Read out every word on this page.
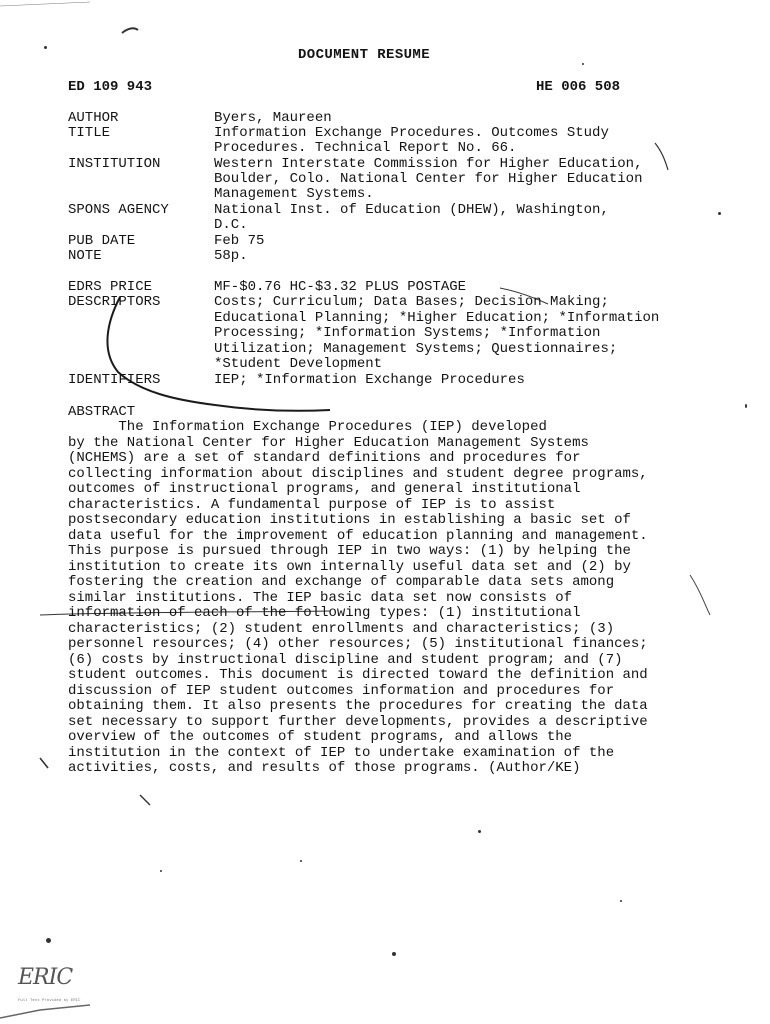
DOCUMENT RESUME
ED 109 943	HE 006 508
AUTHOR	Byers, Maureen
TITLE	Information Exchange Procedures. Outcomes Study
Procedures. Technical Report No. 66.
INSTITUTION	Western Interstate Commission for Higher Education,
Boulder, Colo. National Center for Higher Education
Management Systems.
SPONS AGENCY	National Inst. of Education (DHEW), Washington,
D.C.
PUB DATE	Feb 75
NOTE	58p.
EDRS PRICE	MF-$0.76 HC-$3.32 PLUS POSTAGE
DESCRIPTORS	Costs; Curriculum; Data Bases; Decision Making;
Educational Planning; *Higher Education; *Information
Processing; *Information Systems; *Information
Utilization; Management Systems; Questionnaires;
*Student Development
IDENTIFIERS	IEP; *Information Exchange Procedures
ABSTRACT
The Information Exchange Procedures (IEP) developed
by the National Center for Higher Education Management Systems
(NCHEMS) are a set of standard definitions and procedures for
collecting information about disciplines and student degree programs,
outcomes of instructional programs, and general institutional
characteristics. A fundamental purpose of IEP is to assist
postsecondary education institutions in establishing a basic set of
data useful for the improvement of education planning and management.
This purpose is pursued through IEP in two ways: (1) by helping the
institution to create its own internally useful data set and (2) by
fostering the creation and exchange of comparable data sets among
similar institutions. The IEP basic data set now consists of
information of each of the following types: (1) institutional
characteristics; (2) student enrollments and characteristics; (3)
personnel resources; (4) other resources; (5) institutional finances;
(6) costs by instructional discipline and student program; and (7)
student outcomes. This document is directed toward the definition and
discussion of IEP student outcomes information and procedures for
obtaining them. It also presents the procedures for creating the data
set necessary to support further developments, provides a descriptive
overview of the outcomes of student programs, and allows the
institution in the context of IEP to undertake examination of the
activities, costs, and results of those programs. (Author/KE)
ERIC
Full Text Provided by ERIC
